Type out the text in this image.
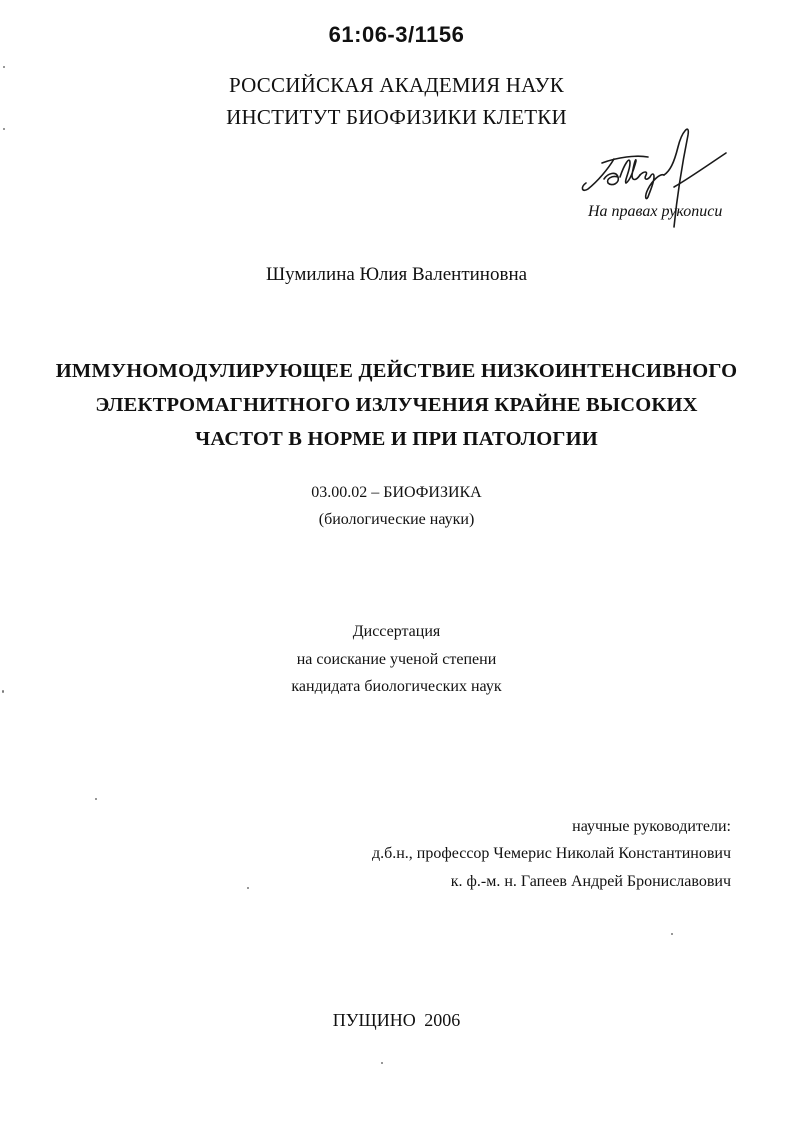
61:06-3/1156
РОССИЙСКАЯ АКАДЕМИЯ НАУК
ИНСТИТУТ БИОФИЗИКИ КЛЕТКИ
На правах рукописи
Шумилина Юлия Валентиновна
ИММУНОМОДУЛИРУЮЩЕЕ ДЕЙСТВИЕ НИЗКОИНТЕНСИВНОГО
ЭЛЕКТРОМАГНИТНОГО ИЗЛУЧЕНИЯ КРАЙНЕ ВЫСОКИХ
ЧАСТОТ В НОРМЕ И ПРИ ПАТОЛОГИИ
03.00.02 – БИОФИЗИКА
(биологические науки)
Диссертация
на соискание ученой степени
кандидата биологических наук
научные руководители:
д.б.н., профессор Чемерис Николай Константинович
к. ф.-м. н. Гапеев Андрей Брониславович
ПУЩИНО 2006
